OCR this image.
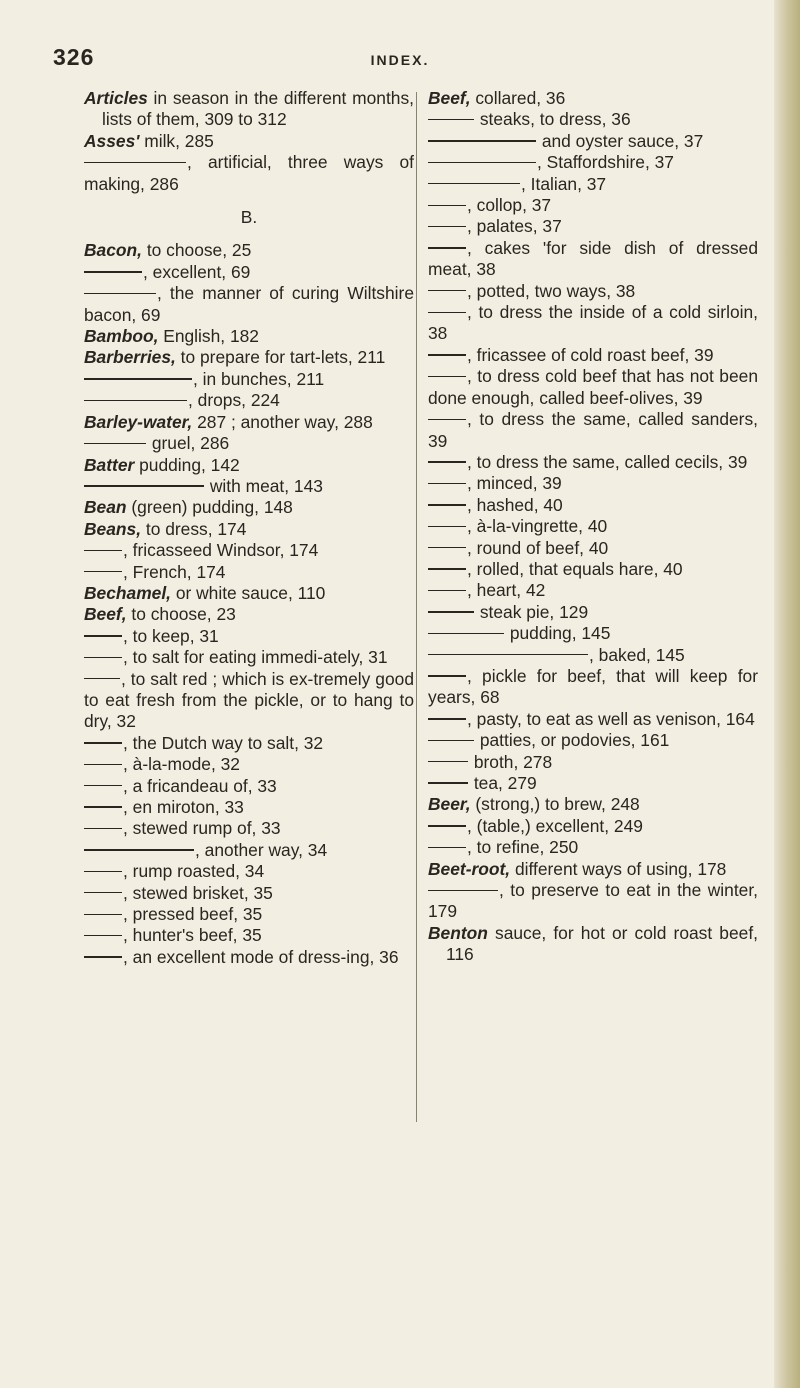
326	INDEX.

Articles in season in the different months, lists of them, 309 to 312

Asses' milk, 285

, artificial, three ways of making, 286

B.

Bacon, to choose, 25

, excellent, 69

, the manner of curing Wiltshire bacon, 69

Bamboo, English, 182

Barberries, to prepare for tart-lets, 211

, in bunches, 211

, drops, 224

Barley-water, 287 ; another way, 288

gruel, 286

Batter pudding, 142

with meat, 143

Bean (green) pudding, 148

Beans, to dress, 174

, fricasseed Windsor, 174

, French, 174

Bechamel, or white sauce, 110

Beef, to choose, 23

, to keep, 31

, to salt for eating immedi-ately, 31

, to salt red ; which is ex-tremely good to eat fresh from the pickle, or to hang to dry, 32

, the Dutch way to salt, 32

, à-la-mode, 32

, a fricandeau of, 33

, en miroton, 33

, stewed rump of, 33

, another way, 34

, rump roasted, 34

, stewed brisket, 35

, pressed beef, 35

, hunter's beef, 35

, an excellent mode of dress-ing, 36

Beef, collared, 36

steaks, to dress, 36

and oyster sauce, 37

, Staffordshire, 37

, Italian, 37

, collop, 37

, palates, 37

, cakes 'for side dish of dressed meat, 38

, potted, two ways, 38

, to dress the inside of a cold sirloin, 38

, fricassee of cold roast beef, 39

, to dress cold beef that has not been done enough, called beef-olives, 39

, to dress the same, called sanders, 39

, to dress the same, called cecils, 39

, minced, 39

, hashed, 40

, à-la-vingrette, 40

, round of beef, 40

, rolled, that equals hare, 40

, heart, 42

steak pie, 129

pudding, 145

, baked, 145

, pickle for beef, that will keep for years, 68

, pasty, to eat as well as venison, 164

patties, or podovies, 161

broth, 278

tea, 279

Beer, (strong,) to brew, 248

, (table,) excellent, 249

, to refine, 250

Beet-root, different ways of using, 178

, to preserve to eat in the winter, 179

Benton sauce, for hot or cold roast beef, 116
